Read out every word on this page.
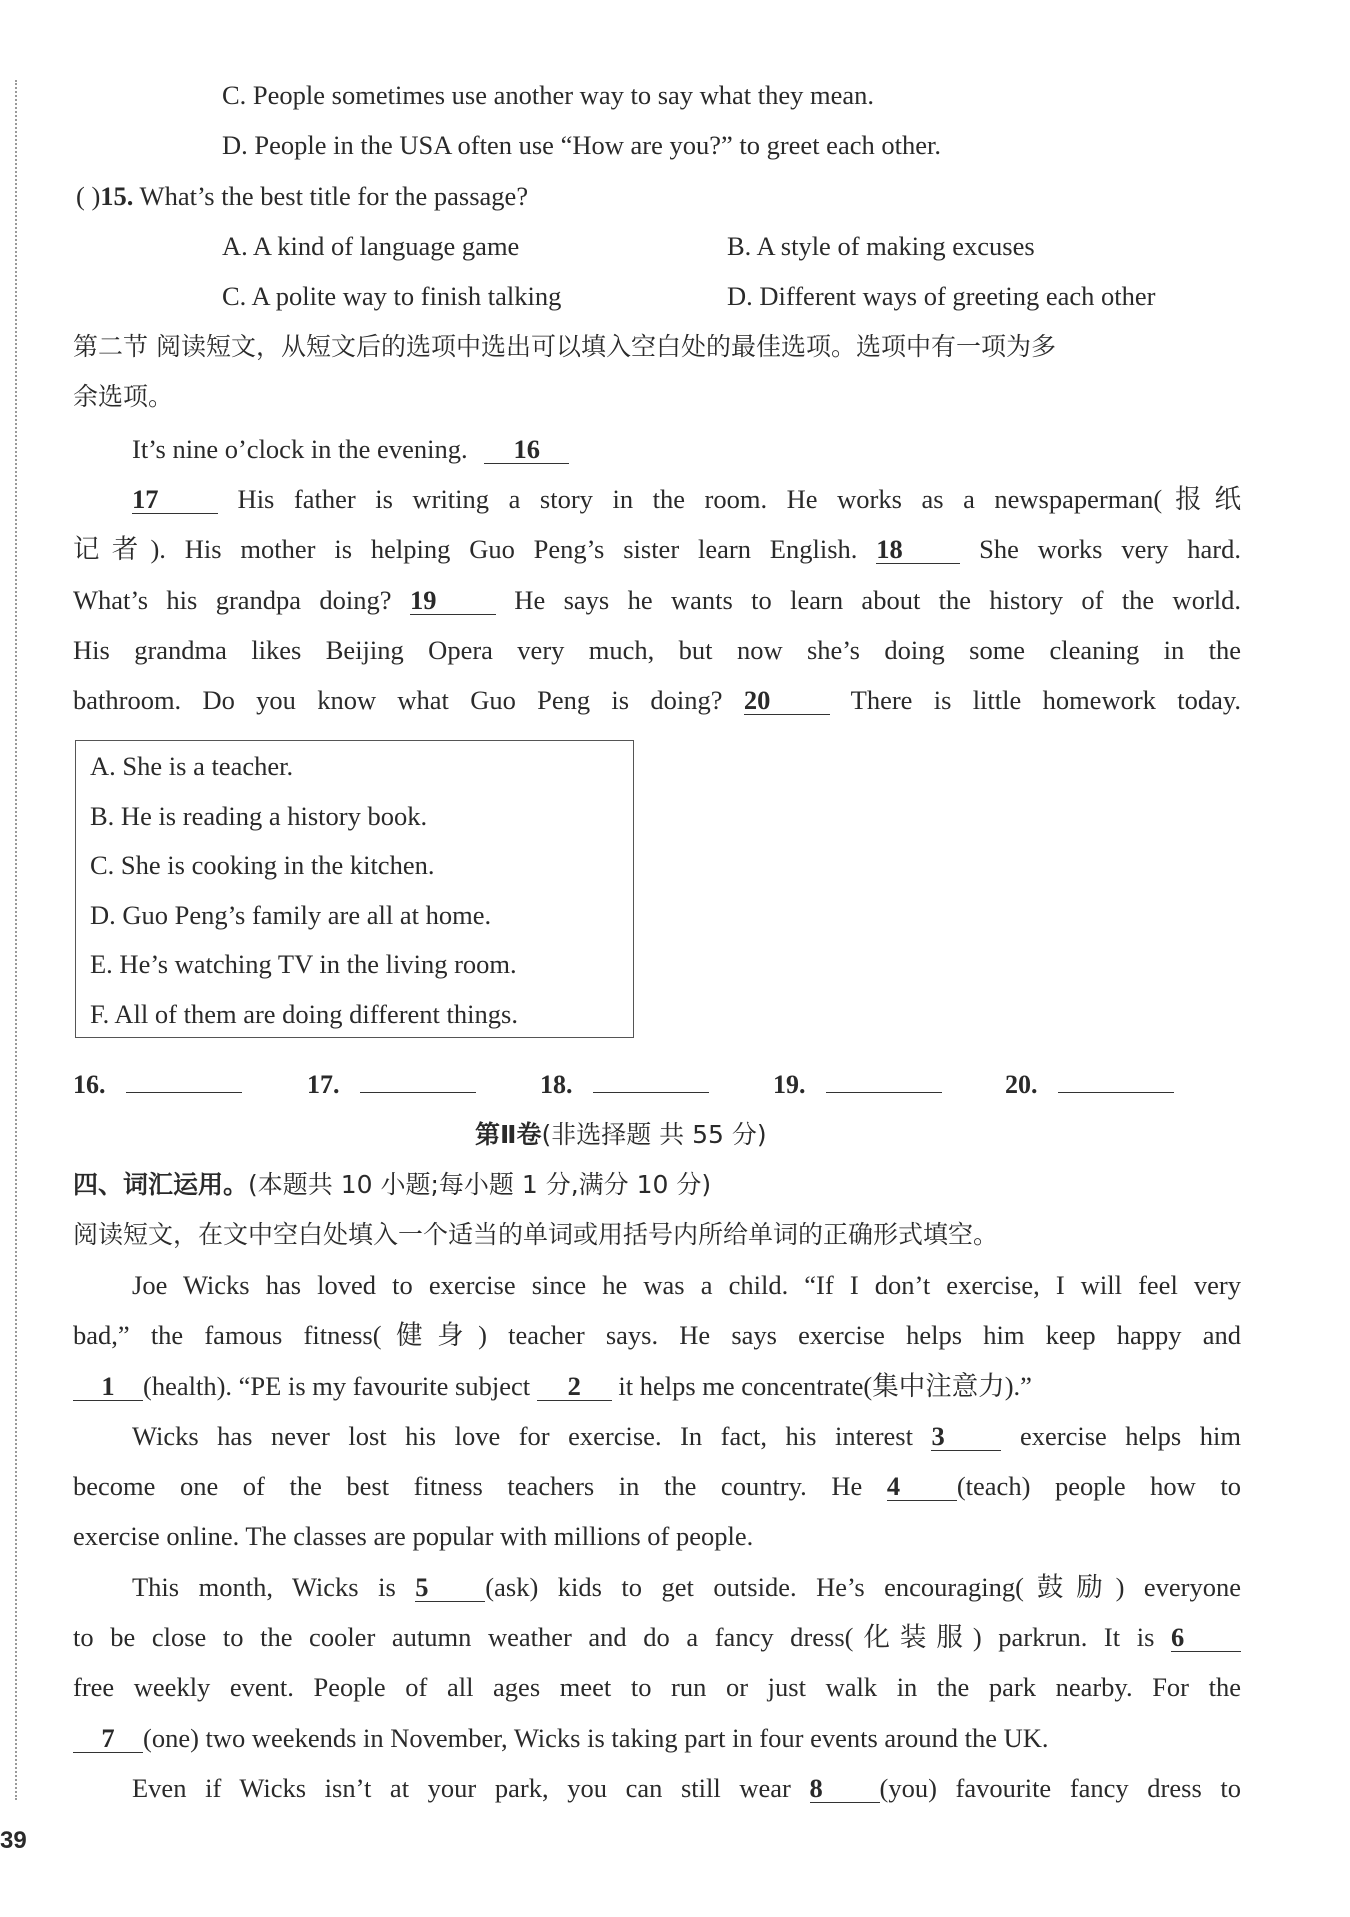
C. People sometimes use another way to say what they mean.
D. People in the USA often use “How are you?” to greet each other.
( )15. What’s the best title for the passage?
A. A kind of language game	B. A style of making excuses
C. A polite way to finish talking	D. Different ways of greeting each other
第二节 阅读短文，从短文后的选项中选出可以填入空白处的最佳选项。选项中有一项为多
余选项。
It’s nine o’clock in the evening. 16
17 His father is writing a story in the room. He works as a newspaperman(报纸
记者). His mother is helping Guo Peng’s sister learn English. 18 She works very hard.
What’s his grandpa doing? 19 He says he wants to learn about the history of the world.
His grandma likes Beijing Opera very much, but now she’s doing some cleaning in the
bathroom. Do you know what Guo Peng is doing? 20 There is little homework today.
A. She is a teacher.
B. He is reading a history book.
C. She is cooking in the kitchen.
D. Guo Peng’s family are all at home.
E. He’s watching TV in the living room.
F. All of them are doing different things.
16.	17.	18.	19.	20.
第Ⅱ卷(非选择题 共 55 分)
四、词汇运用。(本题共 10 小题;每小题 1 分,满分 10 分)
阅读短文，在文中空白处填入一个适当的单词或用括号内所给单词的正确形式填空。
Joe Wicks has loved to exercise since he was a child. “If I don’t exercise, I will feel very
bad,” the famous fitness(健身) teacher says. He says exercise helps him keep happy and
1 (health). “PE is my favourite subject 2 it helps me concentrate(集中注意力).”
Wicks has never lost his love for exercise. In fact, his interest 3 exercise helps him
become one of the best fitness teachers in the country. He 4 (teach) people how to
exercise online. The classes are popular with millions of people.
This month, Wicks is 5 (ask) kids to get outside. He’s encouraging(鼓励) everyone
to be close to the cooler autumn weather and do a fancy dress(化装服) parkrun. It is 6
free weekly event. People of all ages meet to run or just walk in the park nearby. For the
7 (one) two weekends in November, Wicks is taking part in four events around the UK.
Even if Wicks isn’t at your park, you can still wear 8 (you) favourite fancy dress to
39
